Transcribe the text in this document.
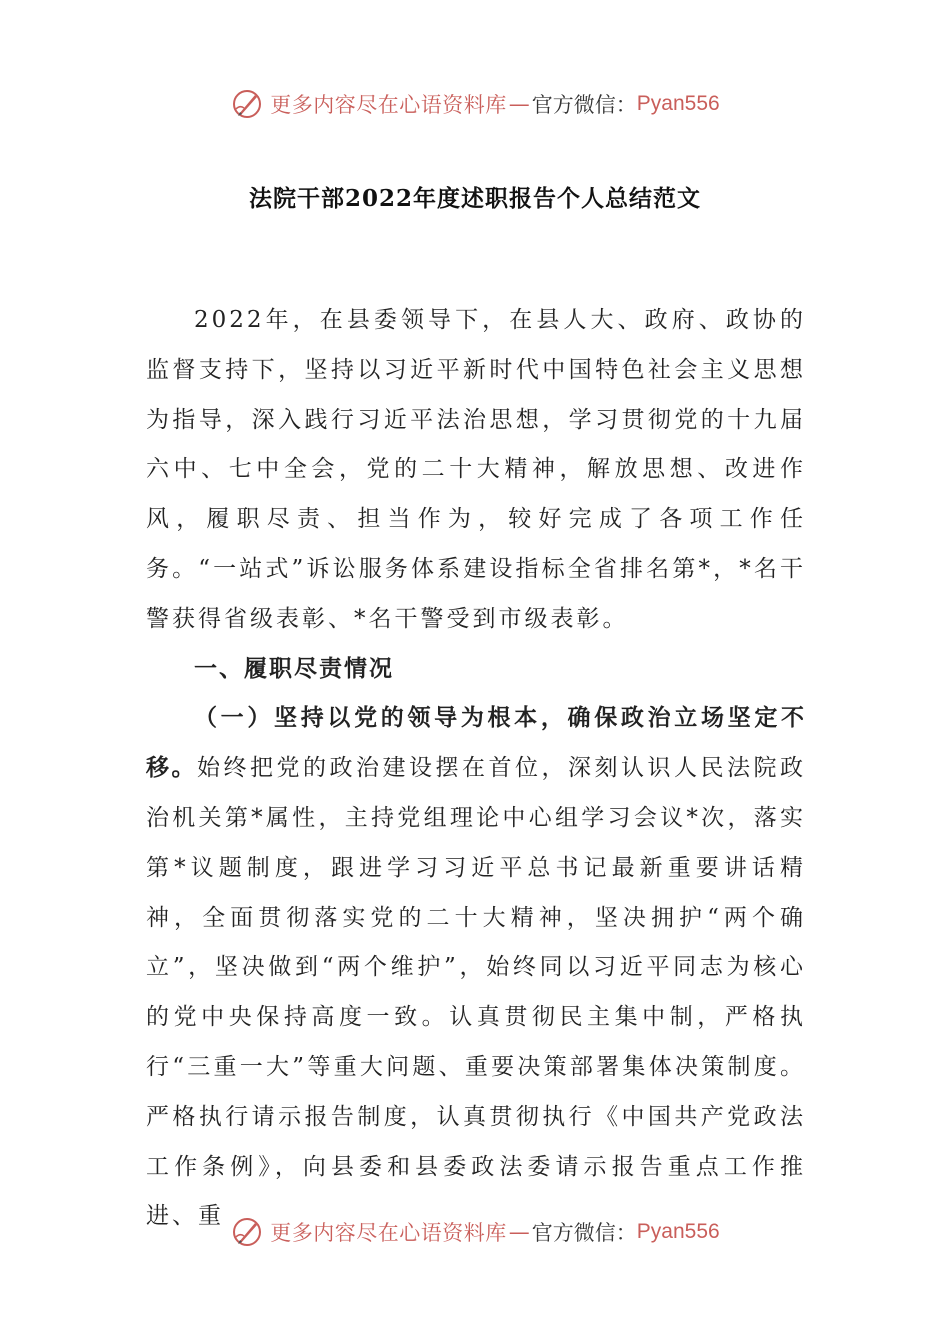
更多内容尽在心语资料库 — 官方微信： Pyan556
法院干部2022年度述职报告个人总结范文

2022年，在县委领导下，在县人大、政府、政协的监督支持下，坚持以习近平新时代中国特色社会主义思想为指导，深入践行习近平法治思想，学习贯彻党的十九届六中、七中全会，党的二十大精神，解放思想、改进作风，履职尽责、担当作为，较好完成了各项工作任务。“一站式”诉讼服务体系建设指标全省排名第*，*名干警获得省级表彰、*名干警受到市级表彰。

一、履职尽责情况

（一）坚持以党的领导为根本，确保政治立场坚定不移。始终把党的政治建设摆在首位，深刻认识人民法院政治机关第*属性，主持党组理论中心组学习会议*次，落实第*议题制度，跟进学习习近平总书记最新重要讲话精神，全面贯彻落实党的二十大精神，坚决拥护“两个确立”，坚决做到“两个维护”，始终同以习近平同志为核心的党中央保持高度一致。认真贯彻民主集中制，严格执行“三重一大”等重大问题、重要决策部署集体决策制度。严格执行请示报告制度，认真贯彻执行《中国共产党政法工作条例》，向县委和县委政法委请示报告重点工作推进、重

更多内容尽在心语资料库 — 官方微信： Pyan556
